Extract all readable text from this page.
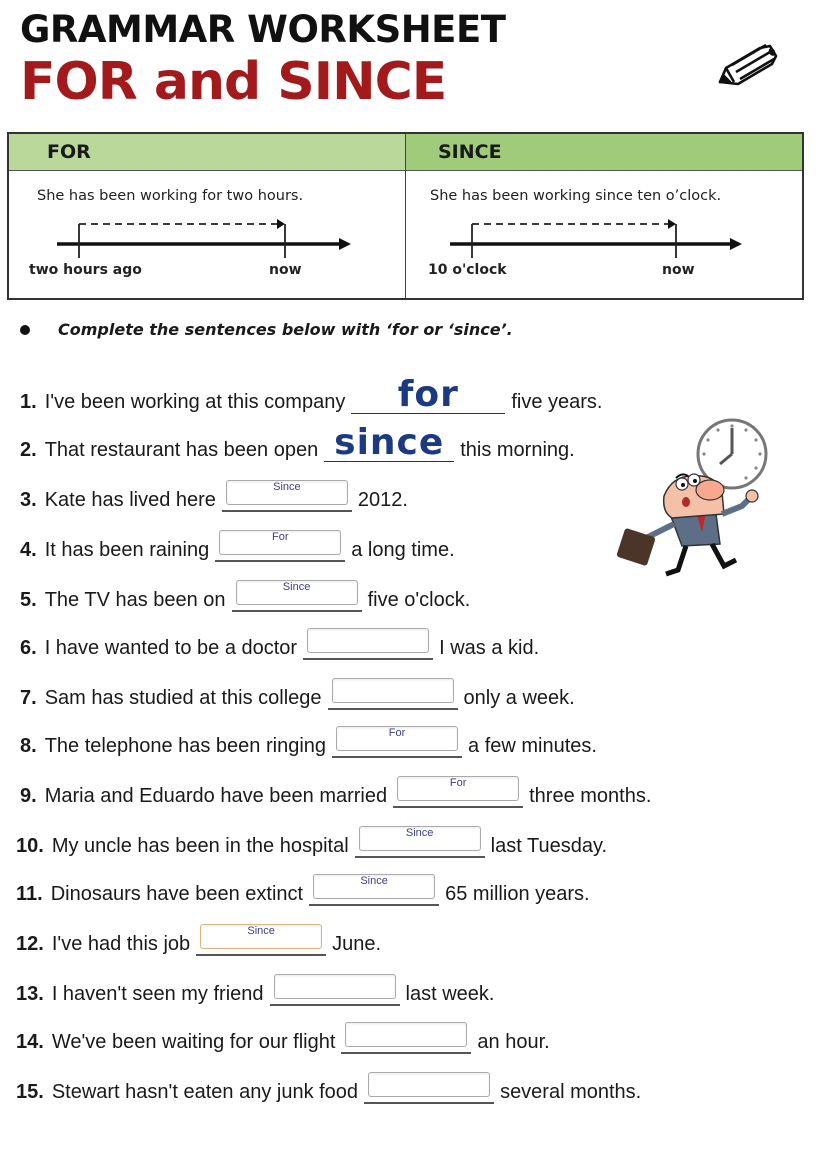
GRAMMAR WORKSHEET
FOR and SINCE
FOR
She has been working for two hours.
two hours ago	now
SINCE
She has been working since ten o’clock.
10 o'clock	now
Complete the sentences below with ‘for or ‘since’.
1. I've been working at this company	for	five years.
2. That restaurant has been open since this morning.
3. Kate has lived here
Since
2012.
4. It has been raining
For
a long time.
5. The TV has been on
Since
five o'clock.
6. I have wanted to be a doctor	I was a kid.
7. Sam has studied at this college	only a week.
8. The telephone has been ringing
For
a few minutes.
9. Maria and Eduardo have been married
For
three months.
10. My uncle has been in the hospital
Since
last Tuesday.
11. Dinosaurs have been extinct
Since
65 million years.
12. I've had this job
Since
June.
13. I haven't seen my friend	last week.
14. We've been waiting for our flight	an hour.
15. Stewart hasn't eaten any junk food	several months.
